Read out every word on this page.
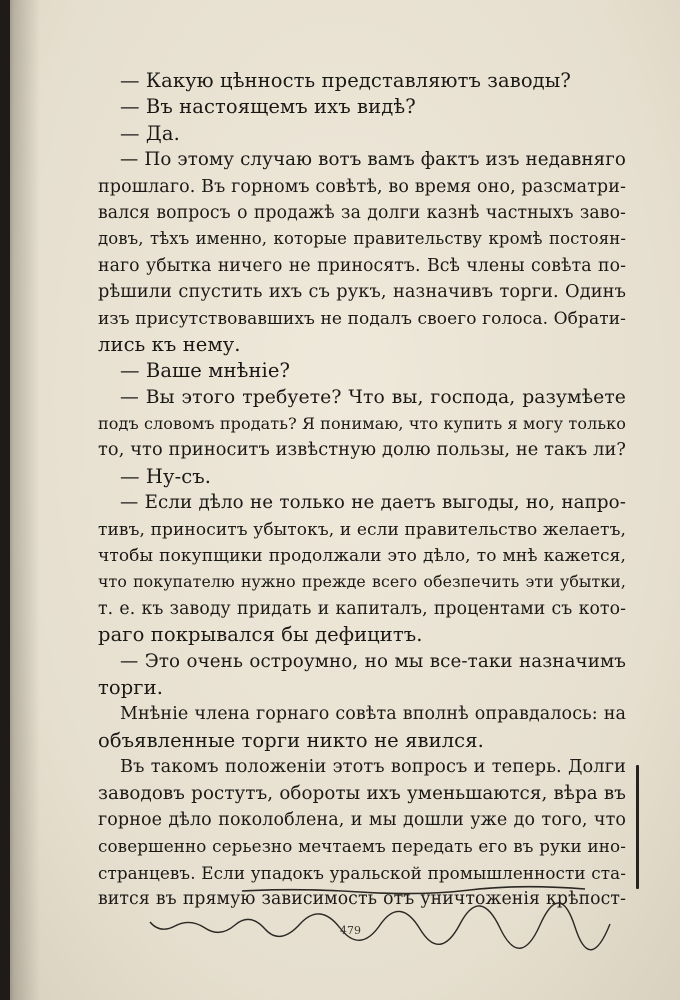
— Какую цѣнность представляютъ заводы?
— Въ настоящемъ ихъ видѣ?
— Да.
— По этому случаю вотъ вамъ фактъ изъ недавняго
прошлаго. Въ горномъ совѣтѣ, во время оно, разсматри-
вался вопросъ о продажѣ за долги казнѣ частныхъ заво-
довъ, тѣхъ именно, которые правительству кромѣ постоян-
наго убытка ничего не приносятъ. Всѣ члены совѣта по-
рѣшили спустить ихъ съ рукъ, назначивъ торги. Одинъ
изъ присутствовавшихъ не подалъ своего голоса. Обрати-
лись къ нему.
— Ваше мнѣніе?
— Вы этого требуете? Что вы, господа, разумѣете
подъ словомъ продать? Я понимаю, что купить я могу только
то, что приноситъ извѣстную долю пользы, не такъ ли?
— Ну-съ.
— Если дѣло не только не даетъ выгоды, но, напро-
тивъ, приноситъ убытокъ, и если правительство желаетъ,
чтобы покупщики продолжали это дѣло, то мнѣ кажется,
что покупателю нужно прежде всего обезпечить эти убытки,
т. е. къ заводу придать и капиталъ, процентами съ кото-
раго покрывался бы дефицитъ.
— Это очень остроумно, но мы все-таки назначимъ
торги.
Мнѣніе члена горнаго совѣта вполнѣ оправдалось: на
объявленные торги никто не явился.
Въ такомъ положеніи этотъ вопросъ и теперь. Долги
заводовъ ростутъ, обороты ихъ уменьшаются, вѣра въ
горное дѣло поколоблена, и мы дошли уже до того, что
совершенно серьезно мечтаемъ передать его въ руки ино-
странцевъ. Если упадокъ уральской промышленности ста-
вится въ прямую зависимость отъ уничтоженія крѣпост-
479
